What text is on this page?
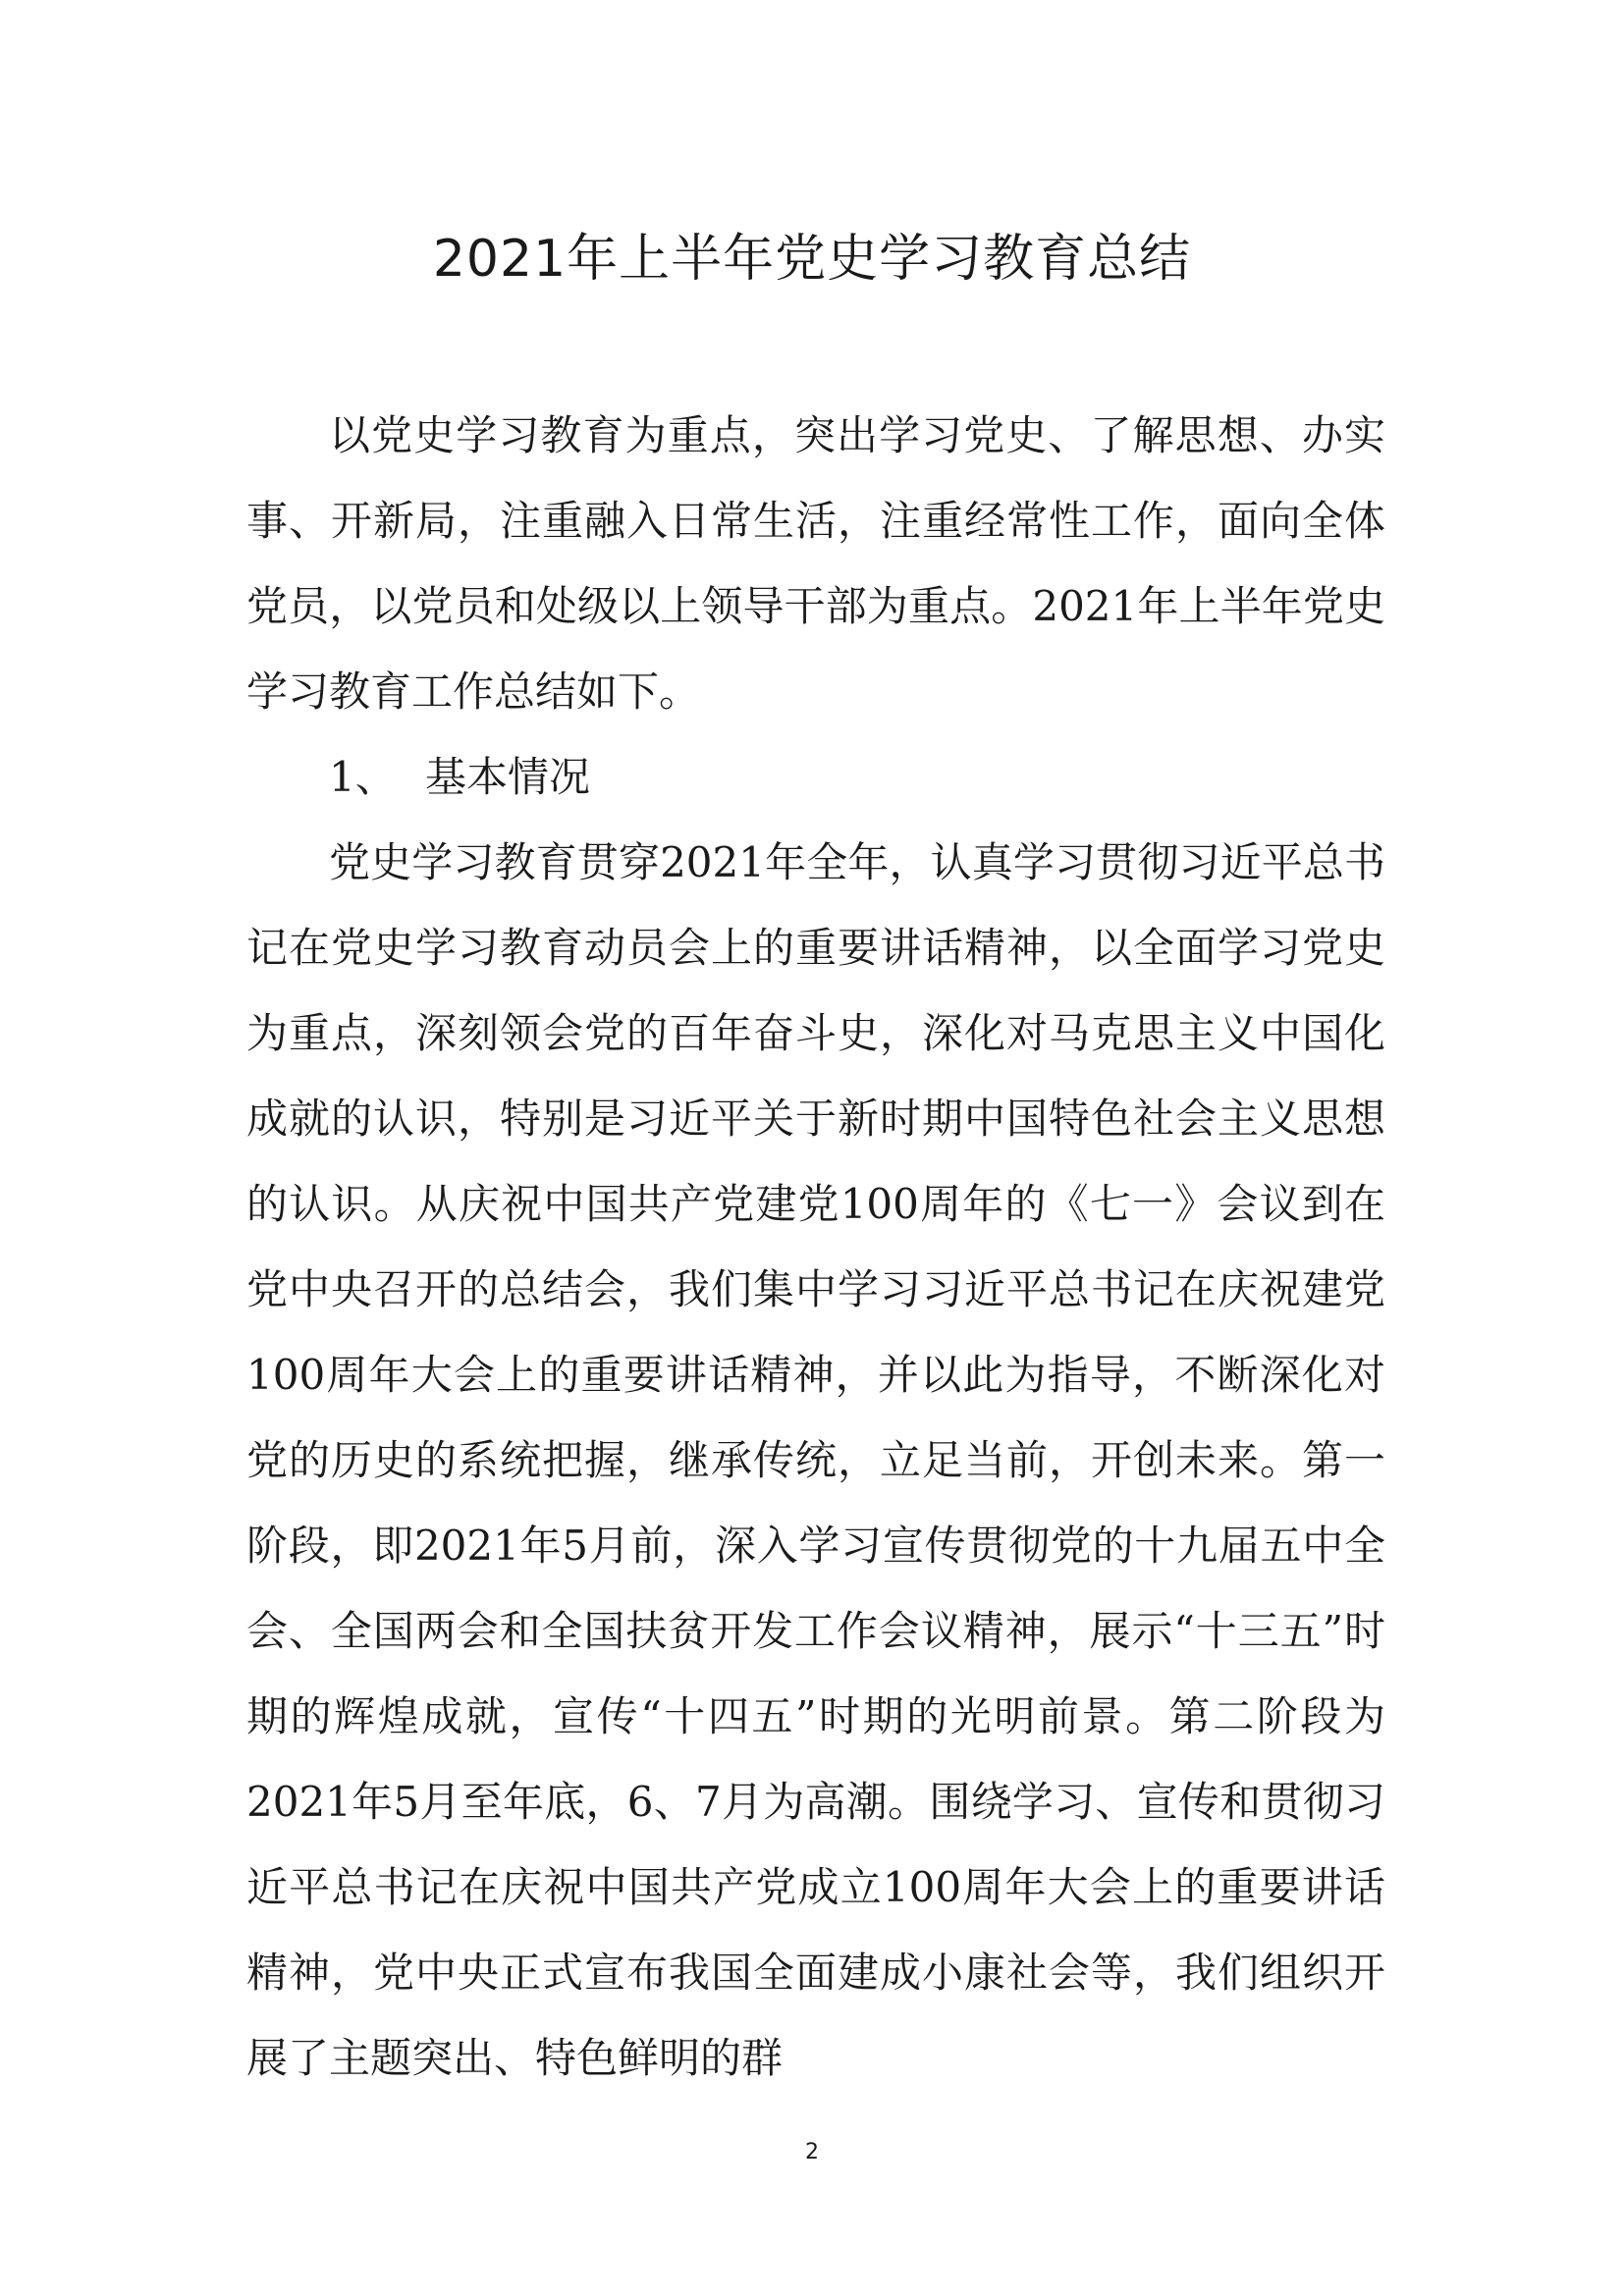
2021年上半年党史学习教育总结

以党史学习教育为重点，突出学习党史、了解思想、办实事、开新局，注重融入日常生活，注重经常性工作，面向全体党员，以党员和处级以上领导干部为重点。2021年上半年党史学习教育工作总结如下。

1、 基本情况

党史学习教育贯穿2021年全年，认真学习贯彻习近平总书记在党史学习教育动员会上的重要讲话精神，以全面学习党史为重点，深刻领会党的百年奋斗史，深化对马克思主义中国化成就的认识，特别是习近平关于新时期中国特色社会主义思想的认识。从庆祝中国共产党建党100周年的《七一》会议到在党中央召开的总结会，我们集中学习习近平总书记在庆祝建党100周年大会上的重要讲话精神，并以此为指导，不断深化对党的历史的系统把握，继承传统，立足当前，开创未来。第一阶段，即2021年5月前，深入学习宣传贯彻党的十九届五中全会、全国两会和全国扶贫开发工作会议精神，展示“十三五”时期的辉煌成就，宣传“十四五”时期的光明前景。第二阶段为2021年5月至年底，6、7月为高潮。围绕学习、宣传和贯彻习近平总书记在庆祝中国共产党成立100周年大会上的重要讲话精神，党中央正式宣布我国全面建成小康社会等，我们组织开展了主题突出、特色鲜明的群

2
